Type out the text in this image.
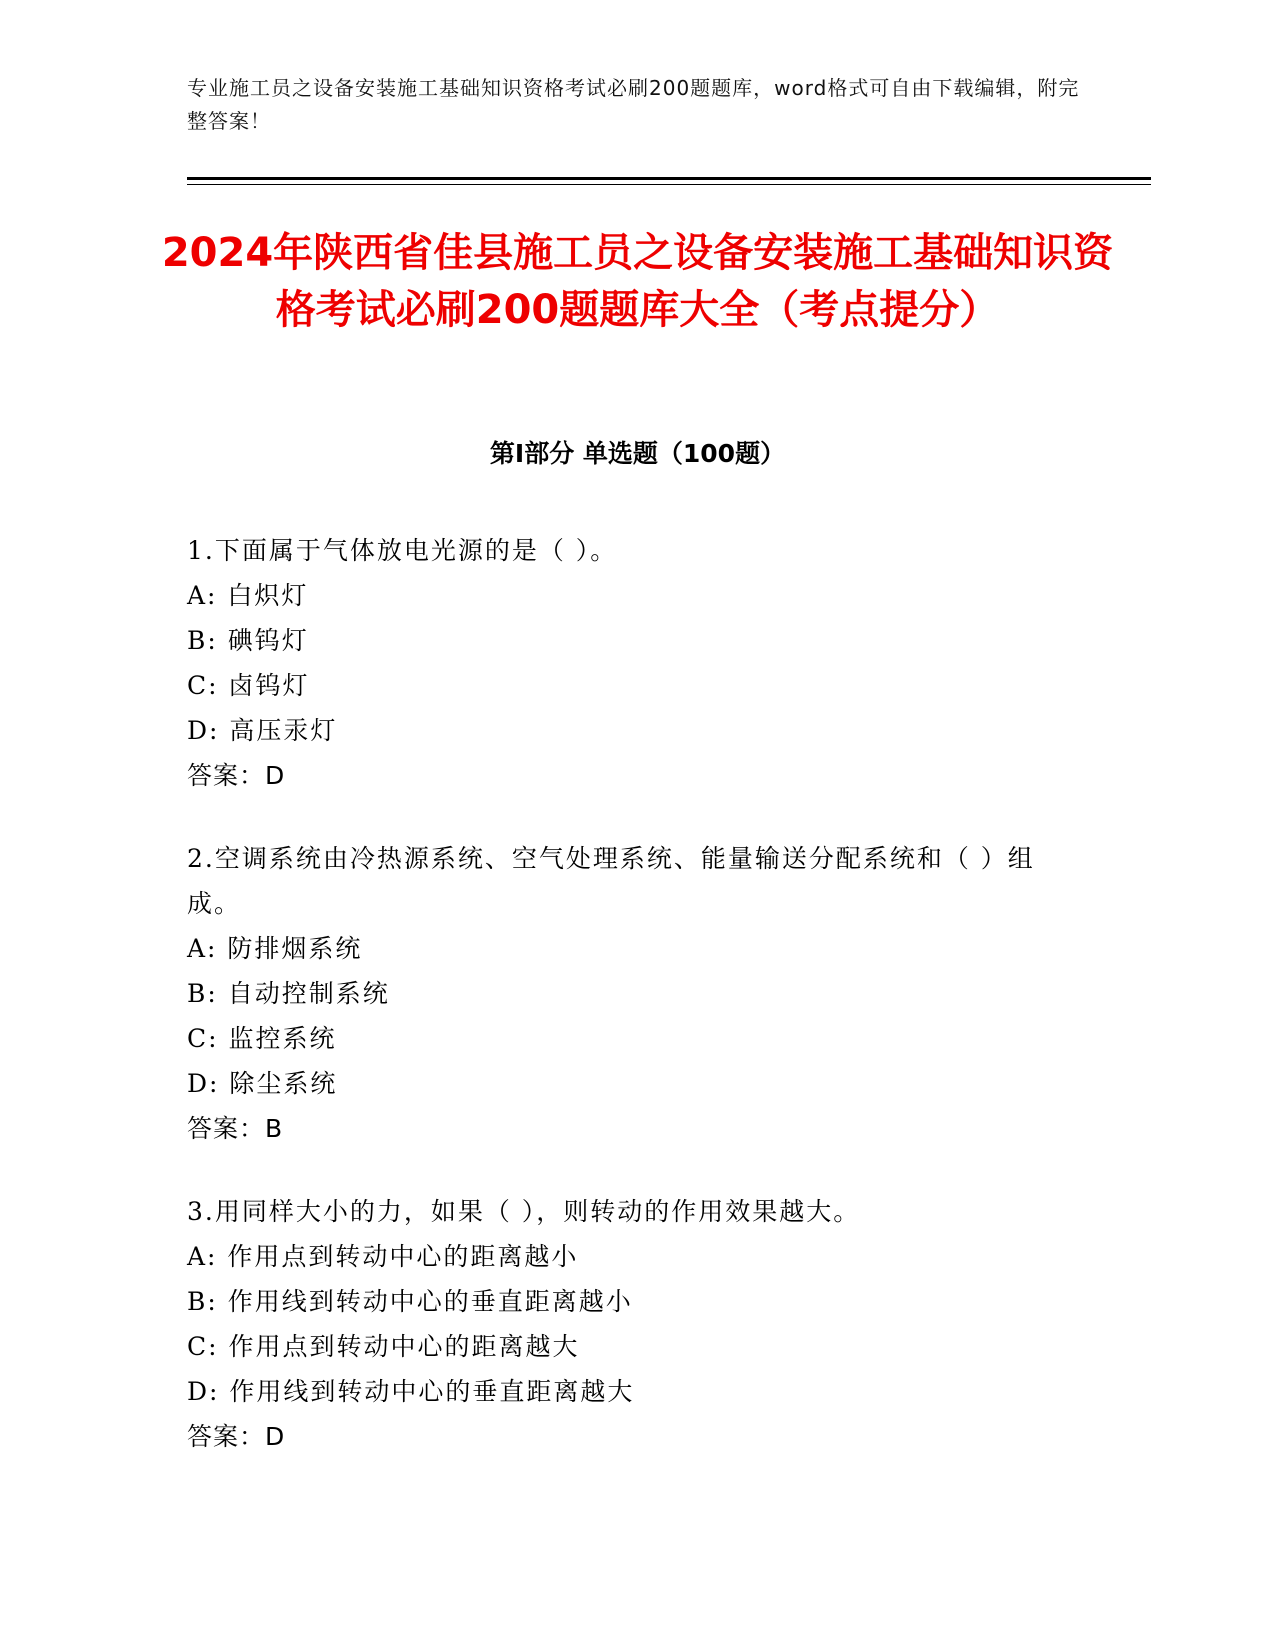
专业施工员之设备安装施工基础知识资格考试必刷200题题库，word格式可自由下载编辑，附完整答案！
2024年陕西省佳县施工员之设备安装施工基础知识资格考试必刷200题题库大全（考点提分）
第Ⅰ部分 单选题（100题）

1.下面属于气体放电光源的是（ ）。

A: 白炽灯
B: 碘钨灯
C: 卤钨灯
D: 高压汞灯

答案：D

2.空调系统由冷热源系统、空气处理系统、能量输送分配系统和（ ）组成。

A: 防排烟系统
B: 自动控制系统
C: 监控系统
D: 除尘系统

答案：B

3.用同样大小的力，如果（ ），则转动的作用效果越大。

A: 作用点到转动中心的距离越小
B: 作用线到转动中心的垂直距离越小
C: 作用点到转动中心的距离越大
D: 作用线到转动中心的垂直距离越大

答案：D
